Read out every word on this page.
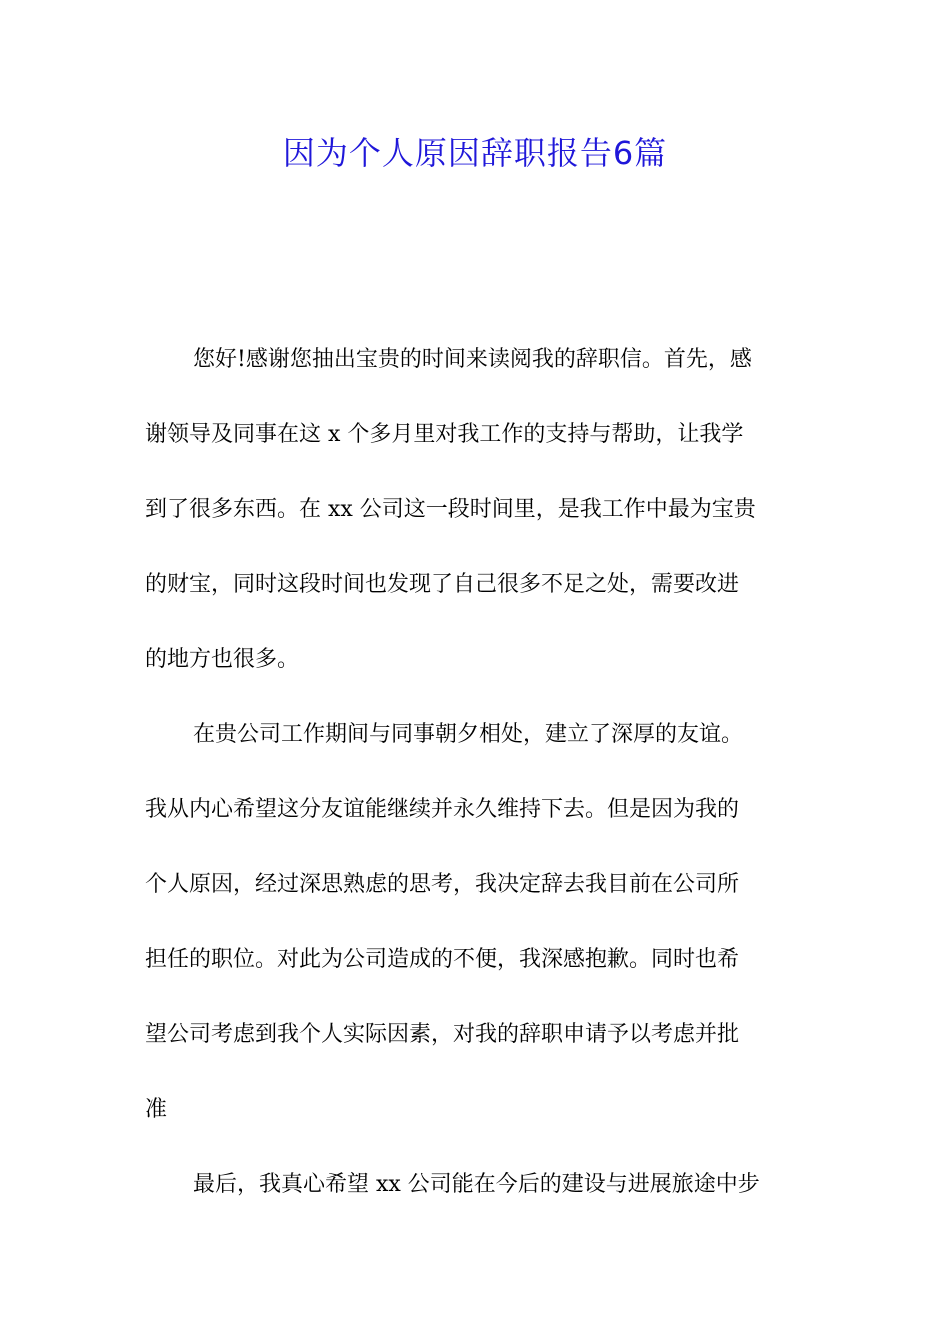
因为个人原因辞职报告6篇
您好!感谢您抽出宝贵的时间来读阅我的辞职信。首先，感
谢领导及同事在这 x 个多月里对我工作的支持与帮助，让我学
到了很多东西。在 xx 公司这一段时间里，是我工作中最为宝贵
的财宝，同时这段时间也发现了自己很多不足之处，需要改进
的地方也很多。
在贵公司工作期间与同事朝夕相处，建立了深厚的友谊。
我从内心希望这分友谊能继续并永久维持下去。但是因为我的
个人原因，经过深思熟虑的思考，我决定辞去我目前在公司所
担任的职位。对此为公司造成的不便，我深感抱歉。同时也希
望公司考虑到我个人实际因素，对我的辞职申请予以考虑并批
准
最后，我真心希望 xx 公司能在今后的建设与进展旅途中步
